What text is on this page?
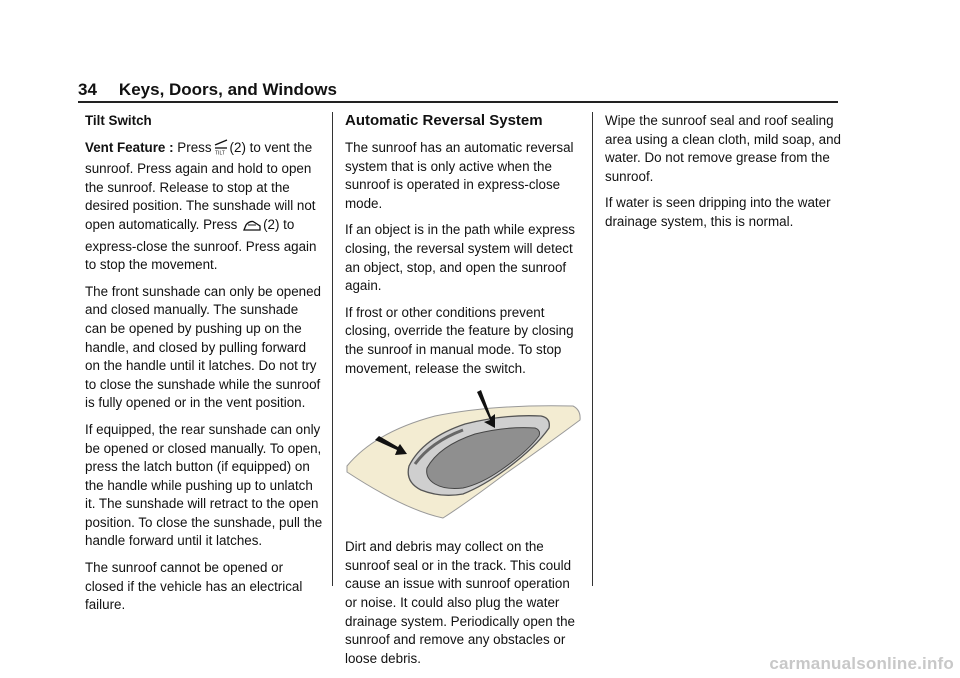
34 Keys, Doors, and Windows

Tilt Switch

Vent Feature : Press TILT (2) to vent the sunroof. Press again and hold to open the sunroof. Release to stop at the desired position. The sunshade will not open automatically. Press (2) to express-close the sunroof. Press again to stop the movement.

The front sunshade can only be opened and closed manually. The sunshade can be opened by pushing up on the handle, and closed by pulling forward on the handle until it latches. Do not try to close the sunshade while the sunroof is fully opened or in the vent position.

If equipped, the rear sunshade can only be opened or closed manually. To open, press the latch button (if equipped) on the handle while pushing up to unlatch it. The sunshade will retract to the open position. To close the sunshade, pull the handle forward until it latches.

The sunroof cannot be opened or closed if the vehicle has an electrical failure.

Automatic Reversal System

The sunroof has an automatic reversal system that is only active when the sunroof is operated in express-close mode.

If an object is in the path while express closing, the reversal system will detect an object, stop, and open the sunroof again.

If frost or other conditions prevent closing, override the feature by closing the sunroof in manual mode. To stop movement, release the switch.

Dirt and debris may collect on the sunroof seal or in the track. This could cause an issue with sunroof operation or noise. It could also plug the water drainage system. Periodically open the sunroof and remove any obstacles or loose debris.

Wipe the sunroof seal and roof sealing area using a clean cloth, mild soap, and water. Do not remove grease from the sunroof.

If water is seen dripping into the water drainage system, this is normal.

carmanualsonline.info
